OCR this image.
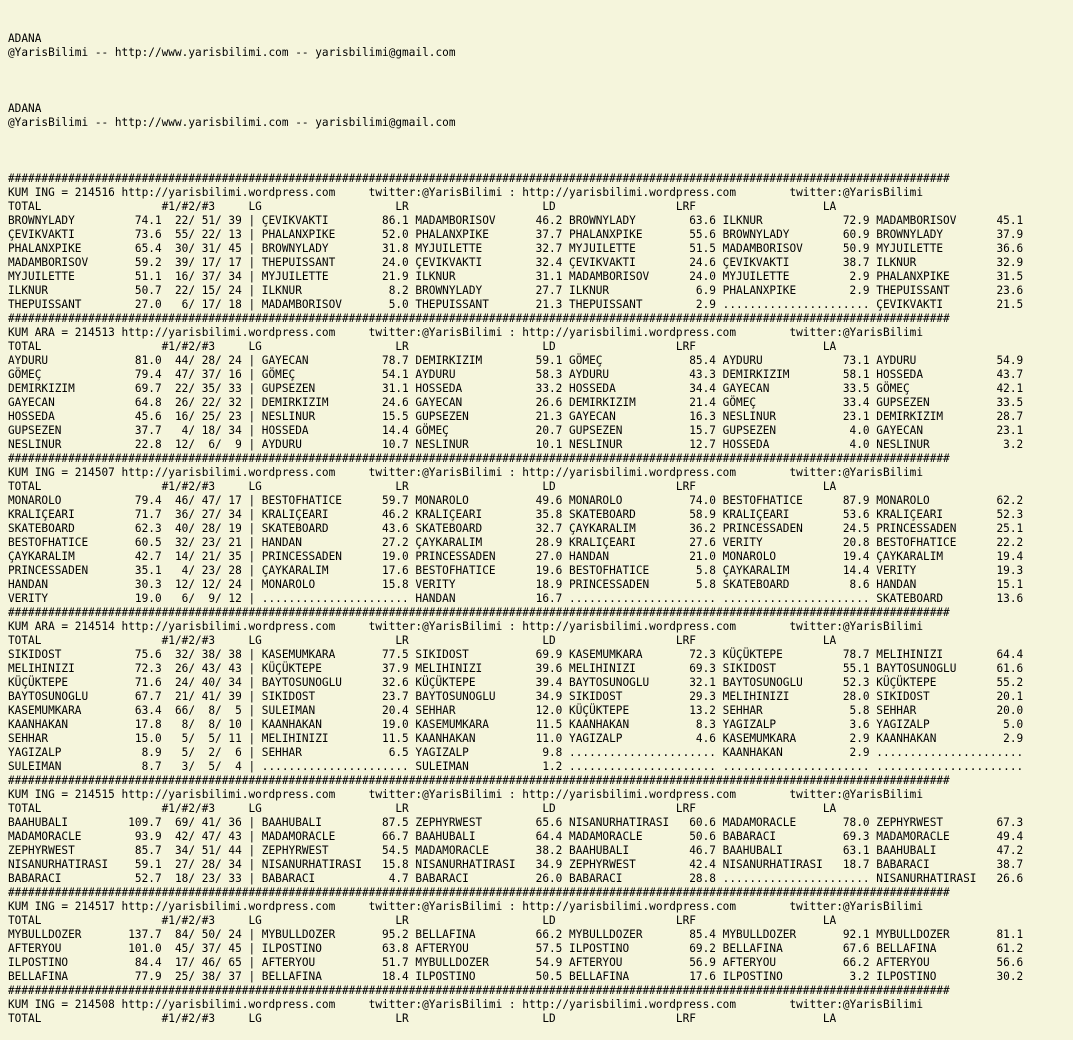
ADANA
@YarisBilimi -- http://www.yarisbilimi.com -- yarisbilimi@gmail.com
ADANA
@YarisBilimi -- http://www.yarisbilimi.com -- yarisbilimi@gmail.com

#############################################################################################################################################
KUM ING = 214516 http://yarisbilimi.wordpress.com     twitter:@YarisBilimi : http://yarisbilimi.wordpress.com        twitter:@YarisBilimi
TOTAL                  #1/#2/#3     LG                    LR                    LD                  LRF                   LA
BROWNYLADY         74.1  22/ 51/ 39 | ÇEVIKVAKTI        86.1 MADAMBORISOV      46.2 BROWNYLADY        63.6 ILKNUR            72.9 MADAMBORISOV      45.1
ÇEVIKVAKTI         73.6  55/ 22/ 13 | PHALANXPIKE       52.0 PHALANXPIKE       37.7 PHALANXPIKE       55.6 BROWNYLADY        60.9 BROWNYLADY        37.9
PHALANXPIKE        65.4  30/ 31/ 45 | BROWNYLADY        31.8 MYJUILETTE        32.7 MYJUILETTE        51.5 MADAMBORISOV      50.9 MYJUILETTE        36.6
MADAMBORISOV       59.2  39/ 17/ 17 | THEPUISSANT       24.0 ÇEVIKVAKTI        32.4 ÇEVIKVAKTI        24.6 ÇEVIKVAKTI        38.7 ILKNUR            32.9
MYJUILETTE         51.1  16/ 37/ 34 | MYJUILETTE        21.9 ILKNUR            31.1 MADAMBORISOV      24.0 MYJUILETTE         2.9 PHALANXPIKE       31.5
ILKNUR             50.7  22/ 15/ 24 | ILKNUR             8.2 BROWNYLADY        27.7 ILKNUR             6.9 PHALANXPIKE        2.9 THEPUISSANT       23.6
THEPUISSANT        27.0   6/ 17/ 18 | MADAMBORISOV       5.0 THEPUISSANT       21.3 THEPUISSANT        2.9 ...................... ÇEVIKVAKTI        21.5
#############################################################################################################################################
KUM ARA = 214513 http://yarisbilimi.wordpress.com     twitter:@YarisBilimi : http://yarisbilimi.wordpress.com        twitter:@YarisBilimi
TOTAL                  #1/#2/#3     LG                    LR                    LD                  LRF                   LA
AYDURU             81.0  44/ 28/ 24 | GAYECAN           78.7 DEMIRKIZIM        59.1 GÖMEÇ             85.4 AYDURU            73.1 AYDURU            54.9
GÖMEÇ              79.4  47/ 37/ 16 | GÖMEÇ             54.1 AYDURU            58.3 AYDURU            43.3 DEMIRKIZIM        58.1 HOSSEDA           43.7
DEMIRKIZIM         69.7  22/ 35/ 33 | GUPSEZEN          31.1 HOSSEDA           33.2 HOSSEDA           34.4 GAYECAN           33.5 GÖMEÇ             42.1
GAYECAN            64.8  26/ 22/ 32 | DEMIRKIZIM        24.6 GAYECAN           26.6 DEMIRKIZIM        21.4 GÖMEÇ             33.4 GUPSEZEN          33.5
HOSSEDA            45.6  16/ 25/ 23 | NESLINUR          15.5 GUPSEZEN          21.3 GAYECAN           16.3 NESLINUR          23.1 DEMIRKIZIM        28.7
GUPSEZEN           37.7   4/ 18/ 34 | HOSSEDA           14.4 GÖMEÇ             20.7 GUPSEZEN          15.7 GUPSEZEN           4.0 GAYECAN           23.1
NESLINUR           22.8  12/  6/  9 | AYDURU            10.7 NESLINUR          10.1 NESLINUR          12.7 HOSSEDA            4.0 NESLINUR           3.2
#############################################################################################################################################
KUM ING = 214507 http://yarisbilimi.wordpress.com     twitter:@YarisBilimi : http://yarisbilimi.wordpress.com        twitter:@YarisBilimi
TOTAL                  #1/#2/#3     LG                    LR                    LD                  LRF                   LA
MONAROLO           79.4  46/ 47/ 17 | BESTOFHATICE      59.7 MONAROLO          49.6 MONAROLO          74.0 BESTOFHATICE      87.9 MONAROLO          62.2
KRALIÇEARI         71.7  36/ 27/ 34 | KRALIÇEARI        46.2 KRALIÇEARI        35.8 SKATEBOARD        58.9 KRALIÇEARI        53.6 KRALIÇEARI        52.3
SKATEBOARD         62.3  40/ 28/ 19 | SKATEBOARD        43.6 SKATEBOARD        32.7 ÇAYKARALIM        36.2 PRINCESSADEN      24.5 PRINCESSADEN      25.1
BESTOFHATICE       60.5  32/ 23/ 21 | HANDAN            27.2 ÇAYKARALIM        28.9 KRALIÇEARI        27.6 VERITY            20.8 BESTOFHATICE      22.2
ÇAYKARALIM         42.7  14/ 21/ 35 | PRINCESSADEN      19.0 PRINCESSADEN      27.0 HANDAN            21.0 MONAROLO          19.4 ÇAYKARALIM        19.4
PRINCESSADEN       35.1   4/ 23/ 28 | ÇAYKARALIM        17.6 BESTOFHATICE      19.6 BESTOFHATICE       5.8 ÇAYKARALIM        14.4 VERITY            19.3
HANDAN             30.3  12/ 12/ 24 | MONAROLO          15.8 VERITY            18.9 PRINCESSADEN       5.8 SKATEBOARD         8.6 HANDAN            15.1
VERITY             19.0   6/  9/ 12 | ...................... HANDAN            16.7 ...................... ...................... SKATEBOARD        13.6
#############################################################################################################################################
KUM ARA = 214514 http://yarisbilimi.wordpress.com     twitter:@YarisBilimi : http://yarisbilimi.wordpress.com        twitter:@YarisBilimi
TOTAL                  #1/#2/#3     LG                    LR                    LD                  LRF                   LA
SIKIDOST           75.6  32/ 38/ 38 | KASEMUMKARA       77.5 SIKIDOST          69.9 KASEMUMKARA       72.3 KÜÇÜKTEPE         78.7 MELIHINIZI        64.4
MELIHINIZI         72.3  26/ 43/ 43 | KÜÇÜKTEPE         37.9 MELIHINIZI        39.6 MELIHINIZI        69.3 SIKIDOST          55.1 BAYTOSUNOGLU      61.6
KÜÇÜKTEPE          71.6  24/ 40/ 34 | BAYTOSUNOGLU      32.6 KÜÇÜKTEPE         39.4 BAYTOSUNOGLU      32.1 BAYTOSUNOGLU      52.3 KÜÇÜKTEPE         55.2
BAYTOSUNOGLU       67.7  21/ 41/ 39 | SIKIDOST          23.7 BAYTOSUNOGLU      34.9 SIKIDOST          29.3 MELIHINIZI        28.0 SIKIDOST          20.1
KASEMUMKARA        63.4  66/  8/  5 | SULEIMAN          20.4 SEHHAR            12.0 KÜÇÜKTEPE         13.2 SEHHAR             5.8 SEHHAR            20.0
KAANHAKAN          17.8   8/  8/ 10 | KAANHAKAN         19.0 KASEMUMKARA       11.5 KAANHAKAN          8.3 YAGIZALP           3.6 YAGIZALP           5.0
SEHHAR             15.0   5/  5/ 11 | MELIHINIZI        11.5 KAANHAKAN         11.0 YAGIZALP           4.6 KASEMUMKARA        2.9 KAANHAKAN          2.9
YAGIZALP            8.9   5/  2/  6 | SEHHAR             6.5 YAGIZALP           9.8 ...................... KAANHAKAN          2.9 ......................
SULEIMAN            8.7   3/  5/  4 | ...................... SULEIMAN           1.2 ...................... ...................... ......................
#############################################################################################################################################
KUM ING = 214515 http://yarisbilimi.wordpress.com     twitter:@YarisBilimi : http://yarisbilimi.wordpress.com        twitter:@YarisBilimi
TOTAL                  #1/#2/#3     LG                    LR                    LD                  LRF                   LA
BAAHUBALI         109.7  69/ 41/ 36 | BAAHUBALI         87.5 ZEPHYRWEST        65.6 NISANURHATIRASI   60.6 MADAMORACLE       78.0 ZEPHYRWEST        67.3
MADAMORACLE        93.9  42/ 47/ 43 | MADAMORACLE       66.7 BAAHUBALI         64.4 MADAMORACLE       50.6 BABARACI          69.3 MADAMORACLE       49.4
ZEPHYRWEST         85.7  34/ 51/ 44 | ZEPHYRWEST        54.5 MADAMORACLE       38.2 BAAHUBALI         46.7 BAAHUBALI         63.1 BAAHUBALI         47.2
NISANURHATIRASI    59.1  27/ 28/ 34 | NISANURHATIRASI   15.8 NISANURHATIRASI   34.9 ZEPHYRWEST        42.4 NISANURHATIRASI   18.7 BABARACI          38.7
BABARACI           52.7  18/ 23/ 33 | BABARACI           4.7 BABARACI          26.0 BABARACI          28.8 ...................... NISANURHATIRASI   26.6
#############################################################################################################################################
KUM ING = 214517 http://yarisbilimi.wordpress.com     twitter:@YarisBilimi : http://yarisbilimi.wordpress.com        twitter:@YarisBilimi
TOTAL                  #1/#2/#3     LG                    LR                    LD                  LRF                   LA
MYBULLDOZER       137.7  84/ 50/ 24 | MYBULLDOZER       95.2 BELLAFINA         66.2 MYBULLDOZER       85.4 MYBULLDOZER       92.1 MYBULLDOZER       81.1
AFTERYOU          101.0  45/ 37/ 45 | ILPOSTINO         63.8 AFTERYOU          57.5 ILPOSTINO         69.2 BELLAFINA         67.6 BELLAFINA         61.2
ILPOSTINO          84.4  17/ 46/ 65 | AFTERYOU          51.7 MYBULLDOZER       54.9 AFTERYOU          56.9 AFTERYOU          66.2 AFTERYOU          56.6
BELLAFINA          77.9  25/ 38/ 37 | BELLAFINA         18.4 ILPOSTINO         50.5 BELLAFINA         17.6 ILPOSTINO          3.2 ILPOSTINO         30.2
#############################################################################################################################################
KUM ING = 214508 http://yarisbilimi.wordpress.com     twitter:@YarisBilimi : http://yarisbilimi.wordpress.com        twitter:@YarisBilimi
TOTAL                  #1/#2/#3     LG                    LR                    LD                  LRF                   LA
